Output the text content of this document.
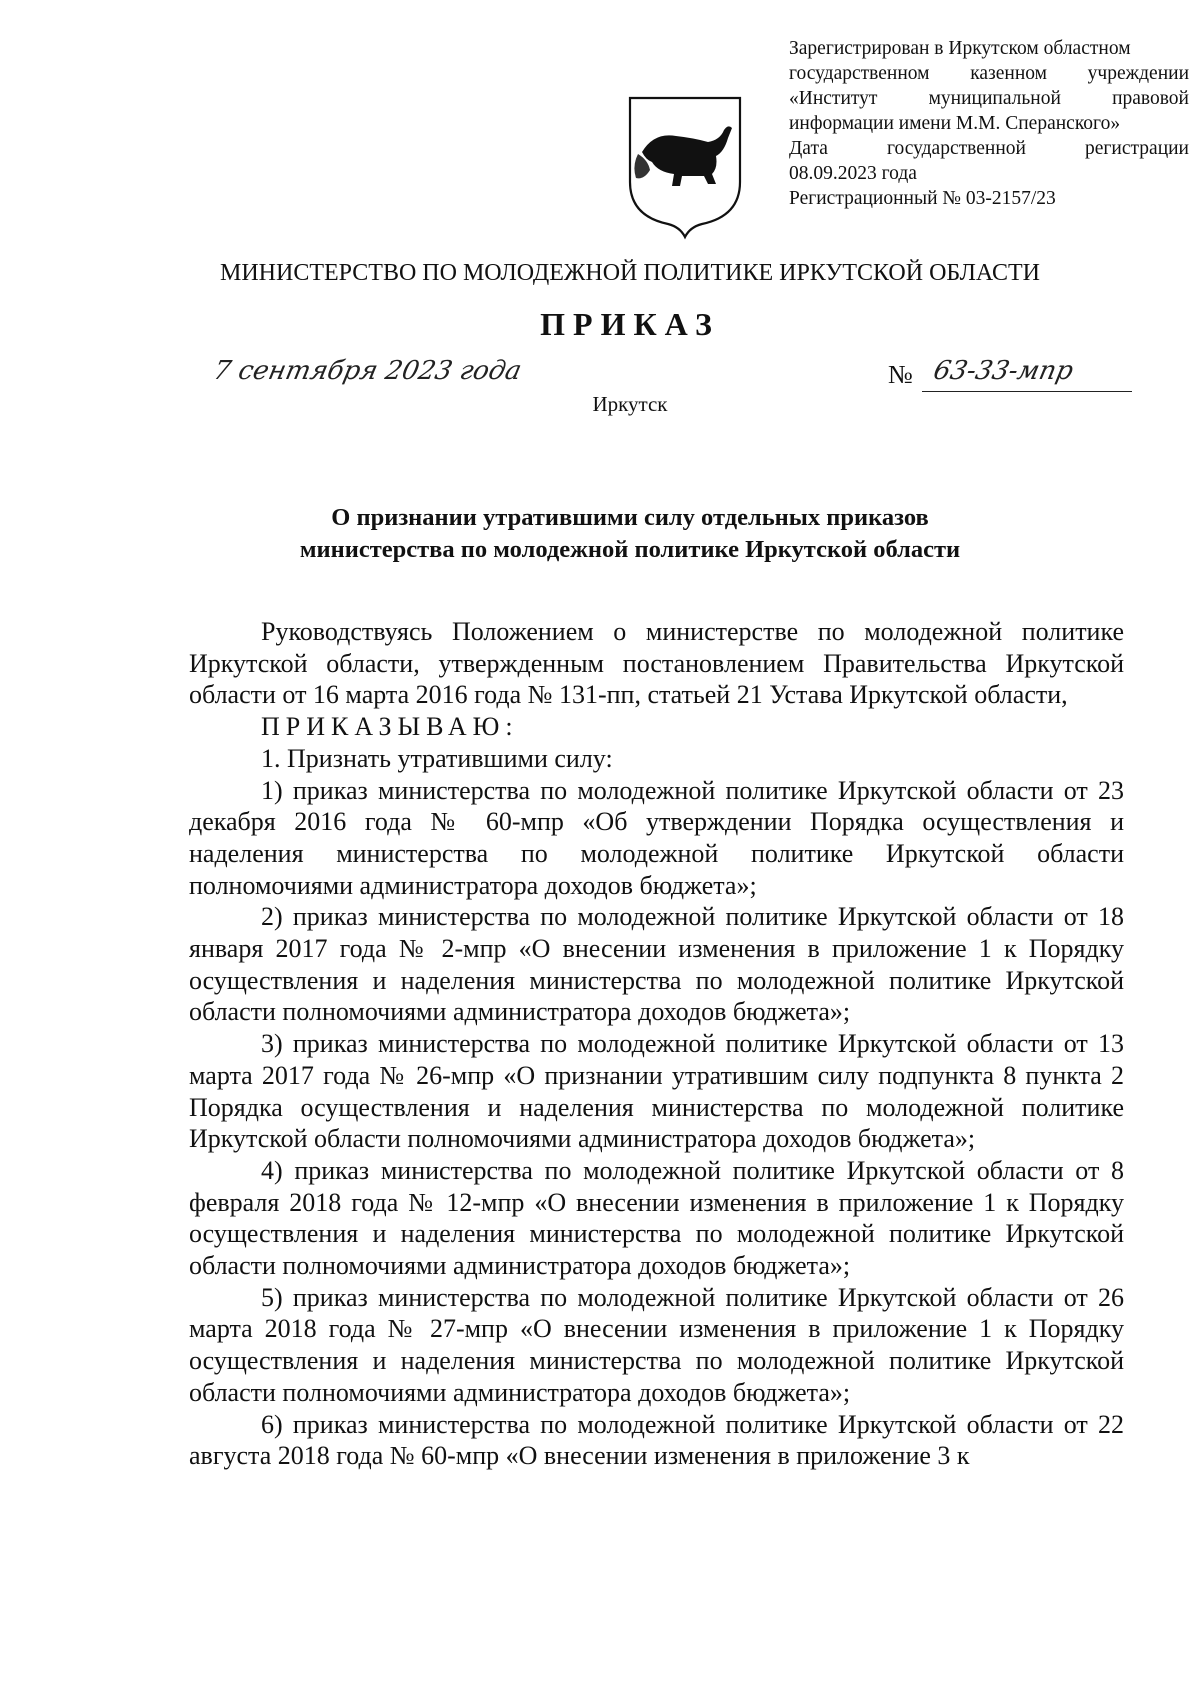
Зарегистрирован в Иркутском областном
государственном казенном учреждении
«Институт муниципальной правовой
информации имени М.М. Сперанского»
Дата государственной регистрации
08.09.2023 года
Регистрационный № 03-2157/23
МИНИСТЕРСТВО ПО МОЛОДЕЖНОЙ ПОЛИТИКЕ ИРКУТСКОЙ ОБЛАСТИ
ПРИКАЗ
7 сентября 2023 года	№ 63-33-мпр
Иркутск
О признании утратившими силу отдельных приказов
министерства по молодежной политике Иркутской области

Руководствуясь Положением о министерстве по молодежной политике Иркутской области, утвержденным постановлением Правительства Иркутской области от 16 марта 2016 года № 131-пп, статьей 21 Устава Иркутской области,

ПРИКАЗЫВАЮ:

1. Признать утратившими силу:

1) приказ министерства по молодежной политике Иркутской области от 23 декабря 2016 года № 60-мпр «Об утверждении Порядка осуществления и наделения министерства по молодежной политике Иркутской области полномочиями администратора доходов бюджета»;

2) приказ министерства по молодежной политике Иркутской области от 18 января 2017 года № 2-мпр «О внесении изменения в приложение 1 к Порядку осуществления и наделения министерства по молодежной политике Иркутской области полномочиями администратора доходов бюджета»;

3) приказ министерства по молодежной политике Иркутской области от 13 марта 2017 года № 26-мпр «О признании утратившим силу подпункта 8 пункта 2 Порядка осуществления и наделения министерства по молодежной политике Иркутской области полномочиями администратора доходов бюджета»;

4) приказ министерства по молодежной политике Иркутской области от 8 февраля 2018 года № 12-мпр «О внесении изменения в приложение 1 к Порядку осуществления и наделения министерства по молодежной политике Иркутской области полномочиями администратора доходов бюджета»;

5) приказ министерства по молодежной политике Иркутской области от 26 марта 2018 года № 27-мпр «О внесении изменения в приложение 1 к Порядку осуществления и наделения министерства по молодежной политике Иркутской области полномочиями администратора доходов бюджета»;

6) приказ министерства по молодежной политике Иркутской области от 22 августа 2018 года № 60-мпр «О внесении изменения в приложение 3 к
